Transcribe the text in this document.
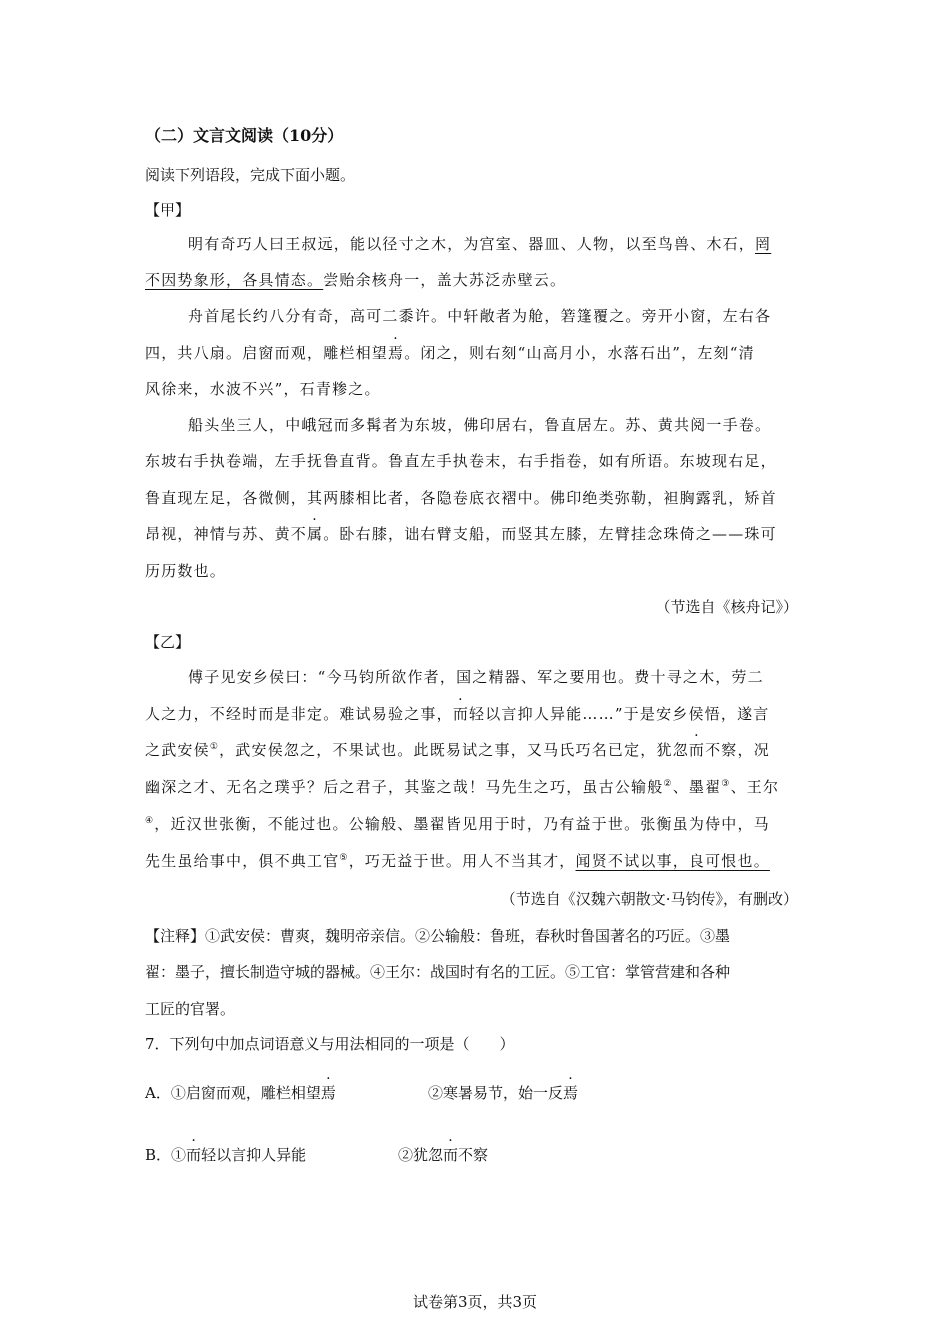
（二）文言文阅读（10分）
阅读下列语段，完成下面小题。
【甲】
明有奇巧人曰王叔远，能以径寸之木，为宫室、器皿、人物，以至鸟兽、木石，罔
不因势象形，各具情态。尝贻余核舟一，盖大苏泛赤壁云。
舟首尾长约八分有奇，高可二黍许。中轩敞者为舱，箬篷覆之。旁开小窗，左右各
四，共八扇。启窗而观，雕栏相望焉。闭之，则右刻“山高月小，水落石出”，左刻“清
风徐来，水波不兴”，石青糁之。
船头坐三人，中峨冠而多髯者为东坡，佛印居右，鲁直居左。苏、黄共阅一手卷。
东坡右手执卷端，左手抚鲁直背。鲁直左手执卷末，右手指卷，如有所语。东坡现右足，
鲁直现左足，各微侧，其两膝相比者，各隐卷底衣褶中。佛印绝类弥勒，袒胸露乳，矫首
昂视，神情与苏、黄不属。卧右膝，诎右臂支船，而竖其左膝，左臂挂念珠倚之——珠可
历历数也。
（节选自《核舟记》）
【乙】
傅子见安乡侯曰：“今马钧所欲作者，国之精器、军之要用也。费十寻之木，劳二
人之力，不经时而是非定。难试易验之事，而轻以言抑人异能……”于是安乡侯悟，遂言
之武安侯①，武安侯忽之，不果试也。此既易试之事，又马氏巧名已定，犹忽而不察，况
幽深之才、无名之璞乎？后之君子，其鉴之哉！马先生之巧，虽古公输般②、墨翟③、王尔
④，近汉世张衡，不能过也。公输般、墨翟皆见用于时，乃有益于世。张衡虽为侍中，马
先生虽给事中，俱不典工官⑤，巧无益于世。用人不当其才，闻贤不试以事，良可恨也。
（节选自《汉魏六朝散文·马钧传》，有删改）
【注释】①武安侯：曹爽，魏明帝亲信。②公输般：鲁班，春秋时鲁国著名的巧匠。③墨
翟：墨子，擅长制造守城的器械。④王尔：战国时有名的工匠。⑤工官：掌管营建和各种
工匠的官署。
7．下列句中加点词语意义与用法相同的一项是（　　）
A．①启窗而观，雕栏相望焉	②寒暑易节，始一反焉
B．①而轻以言抑人异能	②犹忽而不察
试卷第3页，共3页
